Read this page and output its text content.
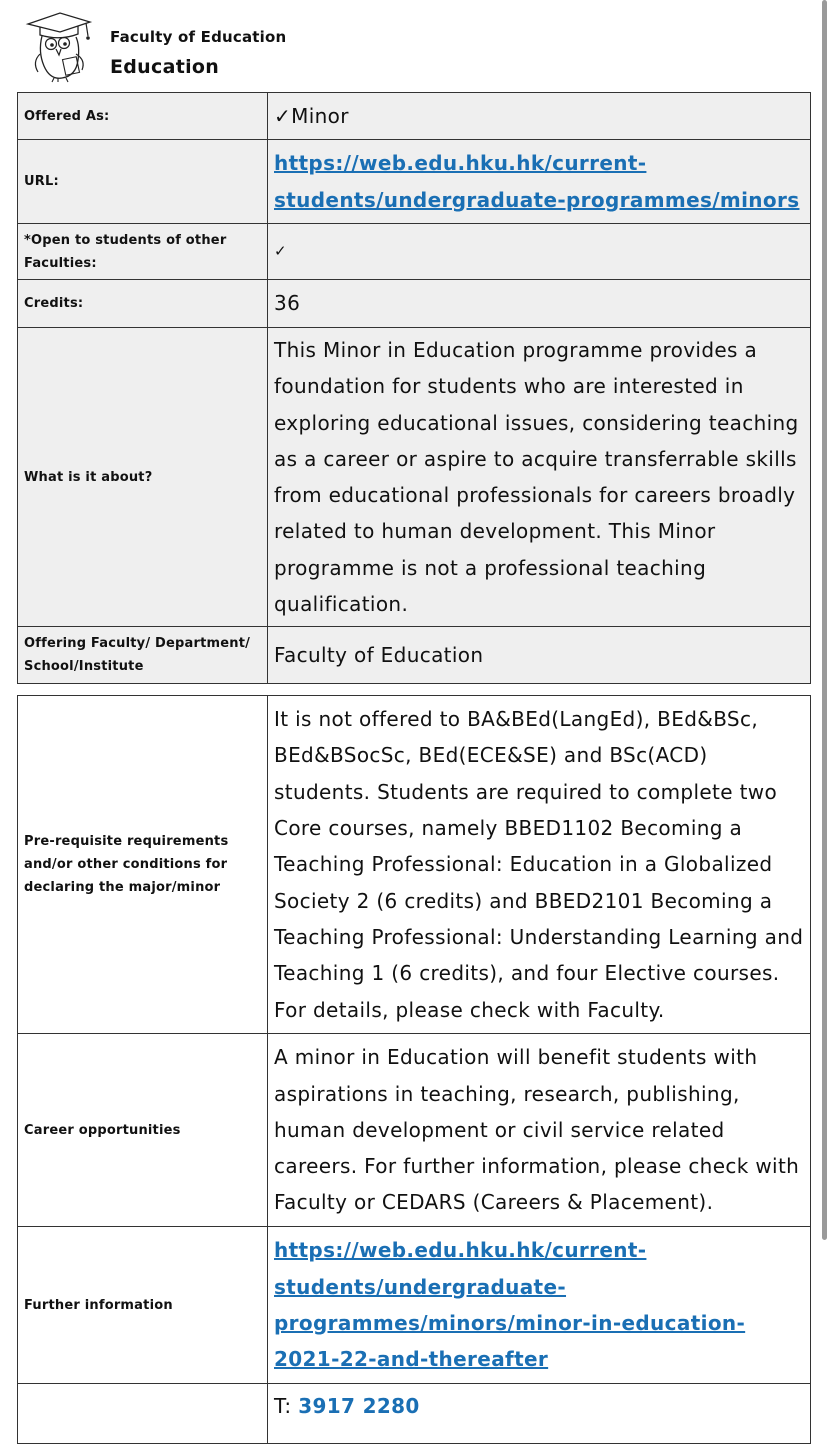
Faculty of Education
Education
Offered As:	✓Minor
URL:	https://web.edu.hku.hk/current-students/undergraduate-programmes/minors
*Open to students of other Faculties:	✓
Credits:	36
What is it about?	This Minor in Education programme provides a foundation for students who are interested in exploring educational issues, considering teaching as a career or aspire to acquire transferrable skills from educational professionals for careers broadly related to human development. This Minor programme is not a professional teaching qualification.
Offering Faculty/ Department/ School/Institute	Faculty of Education
Pre-requisite requirements and/or other conditions for declaring the major/minor	It is not offered to BA&BEd(LangEd), BEd&BSc, BEd&BSocSc, BEd(ECE&SE) and BSc(ACD) students. Students are required to complete two Core courses, namely BBED1102 Becoming a Teaching Professional: Education in a Globalized Society 2 (6 credits) and BBED2101 Becoming a Teaching Professional: Understanding Learning and Teaching 1 (6 credits), and four Elective courses. For details, please check with Faculty.
Career opportunities	A minor in Education will benefit students with aspirations in teaching, research, publishing, human development or civil service related careers. For further information, please check with Faculty or CEDARS (Careers & Placement).
Further information	https://web.edu.hku.hk/current-students/undergraduate-programmes/minors/minor-in-education-2021-22-and-thereafter
	T: 3917 2280
